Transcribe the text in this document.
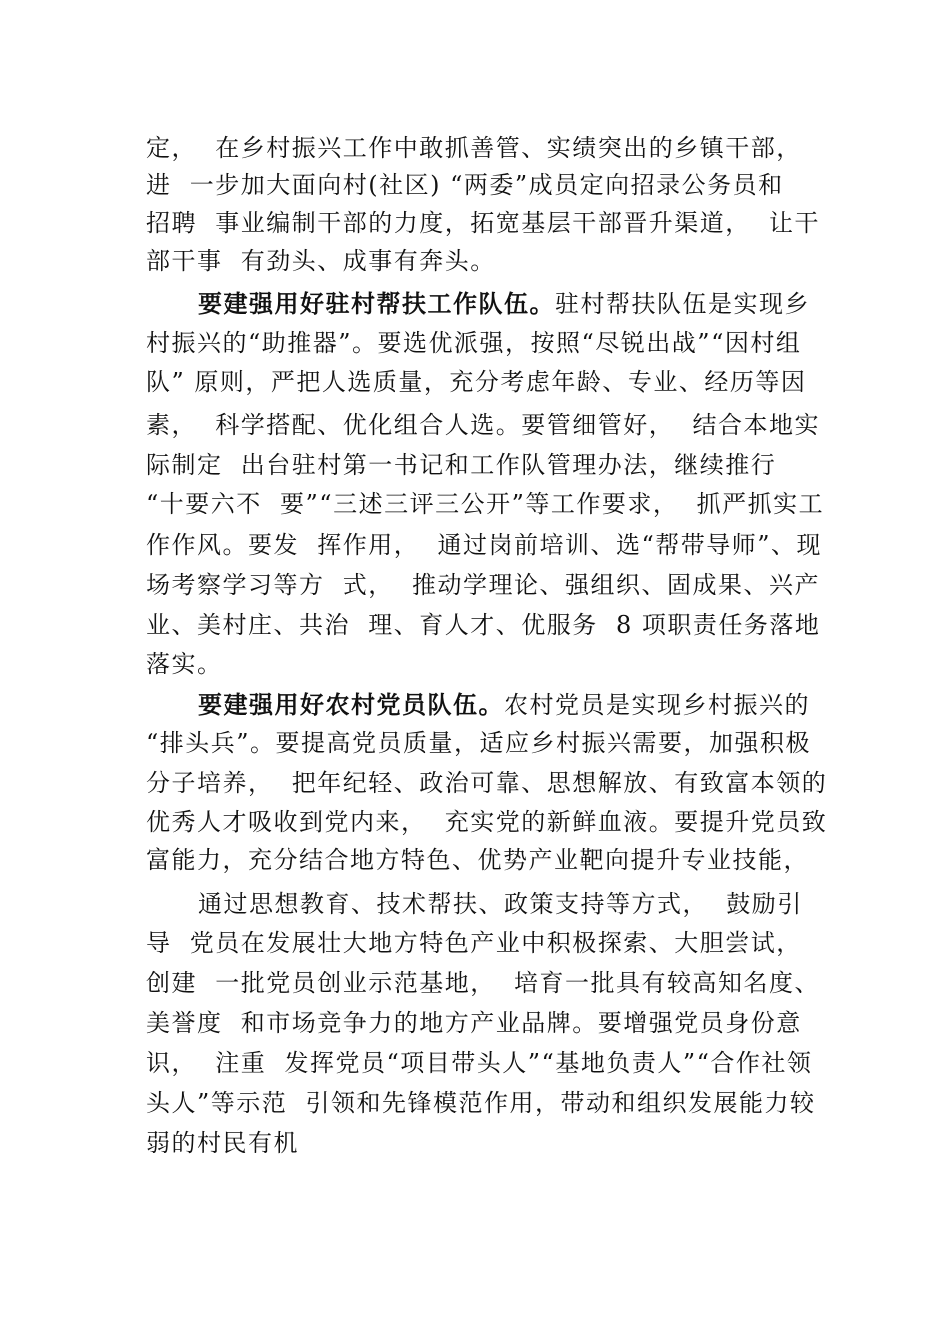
定，  在乡村振兴工作中敢抓善管、实绩突出的乡镇干部，
进  一步加大面向村(社区) “两委”成员定向招录公务员和
招聘  事业编制干部的力度，拓宽基层干部晋升渠道，  让干
部干事  有劲头、成事有奔头。
要建强用好驻村帮扶工作队伍。驻村帮扶队伍是实现乡
村振兴的“助推器”。要选优派强，按照“尽锐出战”“因村组
队” 原则，严把人选质量，充分考虑年龄、专业、经历等因
素，  科学搭配、优化组合人选。要管细管好，  结合本地实
际制定  出台驻村第一书记和工作队管理办法，继续推行
“十要六不  要”“三述三评三公开”等工作要求，  抓严抓实工
作作风。要发  挥作用，  通过岗前培训、选“帮带导师”、现
场考察学习等方  式，  推动学理论、强组织、固成果、兴产
业、美村庄、共治  理、育人才、优服务  8 项职责任务落地
落实。
要建强用好农村党员队伍。农村党员是实现乡村振兴的
“排头兵”。要提高党员质量，适应乡村振兴需要，加强积极
分子培养，  把年纪轻、政治可靠、思想解放、有致富本领的
优秀人才吸收到党内来，  充实党的新鲜血液。要提升党员致
富能力，充分结合地方特色、优势产业靶向提升专业技能，
通过思想教育、技术帮扶、政策支持等方式，  鼓励引
导  党员在发展壮大地方特色产业中积极探索、大胆尝试，
创建  一批党员创业示范基地，  培育一批具有较高知名度、
美誉度  和市场竞争力的地方产业品牌。要增强党员身份意
识，  注重  发挥党员“项目带头人”“基地负责人”“合作社领
头人”等示范  引领和先锋模范作用，带动和组织发展能力较
弱的村民有机
